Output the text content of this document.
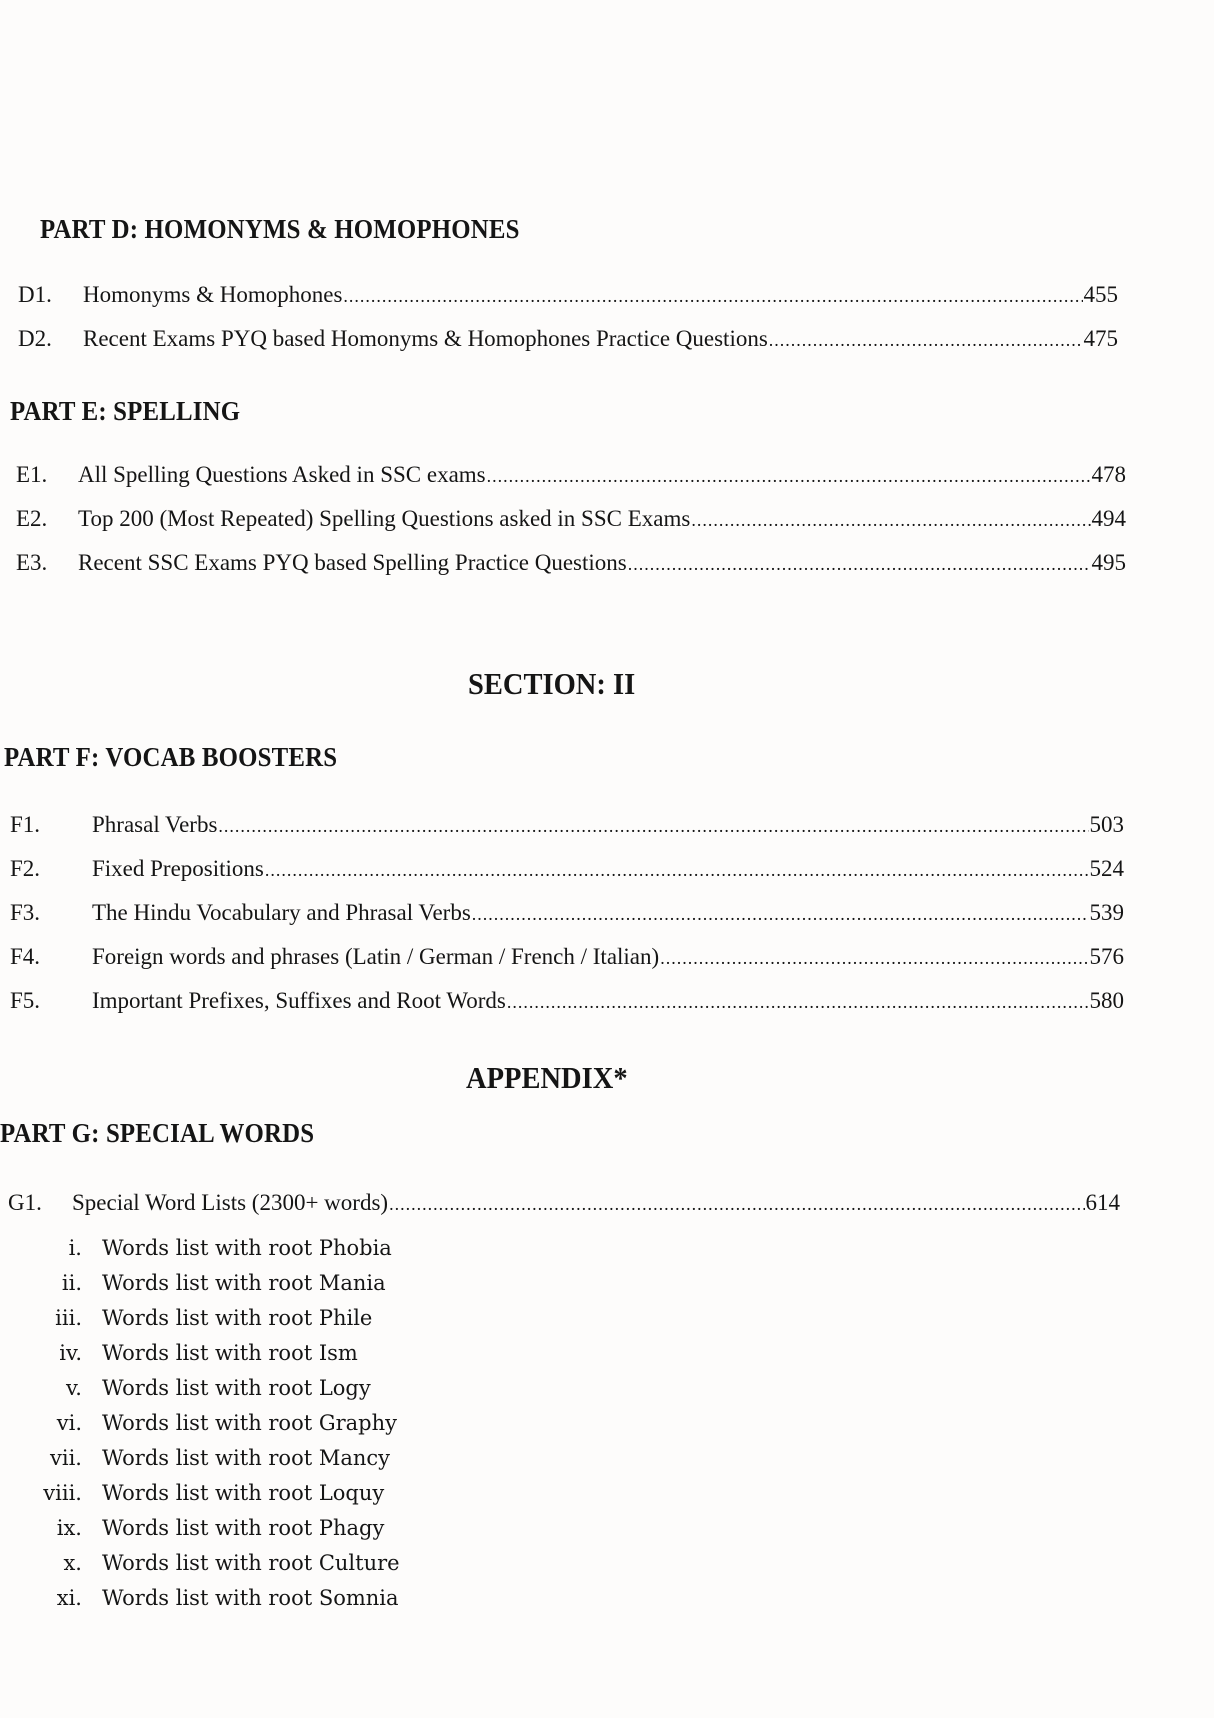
PART D: HOMONYMS & HOMOPHONES
D1.	Homonyms & Homophones .....	455
D2.	Recent Exams PYQ based Homonyms & Homophones Practice Questions .....	475
PART E: SPELLING
E1.	All Spelling Questions Asked in SSC exams .....	478
E2.	Top 200 (Most Repeated) Spelling Questions asked in SSC Exams .....	494
E3.	Recent SSC Exams PYQ based Spelling Practice Questions .....	495
SECTION: II
PART F: VOCAB BOOSTERS
F1.	Phrasal Verbs .....	503
F2.	Fixed Prepositions .....	524
F3.	The Hindu Vocabulary and Phrasal Verbs .....	539
F4.	Foreign words and phrases (Latin / German / French / Italian) .....	576
F5.	Important Prefixes, Suffixes and Root Words .....	580
APPENDIX*
PART G: SPECIAL WORDS
G1.	Special Word Lists (2300+ words) .....	614
i. Words list with root Phobia
ii. Words list with root Mania
iii. Words list with root Phile
iv. Words list with root Ism
v. Words list with root Logy
vi. Words list with root Graphy
vii. Words list with root Mancy
viii. Words list with root Loquy
ix. Words list with root Phagy
x. Words list with root Culture
xi. Words list with root Somnia
